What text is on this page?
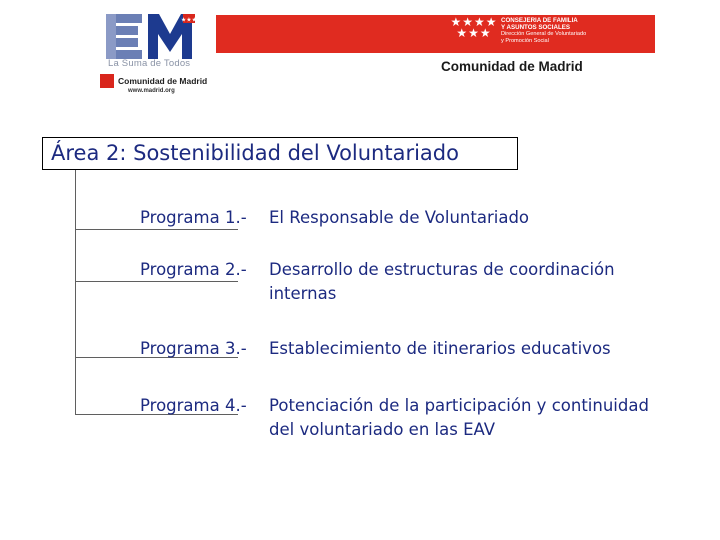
★★★
La Suma de Todos
Comunidad de Madrid
www.madrid.org
★★★★
★★★
CONSEJERIA DE FAMILIA
Y ASUNTOS SOCIALES
Dirección General de Voluntariado
y Promoción Social
Comunidad de Madrid
Área 2: Sostenibilidad del Voluntariado
Programa 1.- El Responsable de Voluntariado
Programa 2.- Desarrollo de estructuras de coordinación
internas
Programa 3.- Establecimiento de itinerarios educativos
Programa 4.- Potenciación de la participación y continuidad
del voluntariado en las EAV
